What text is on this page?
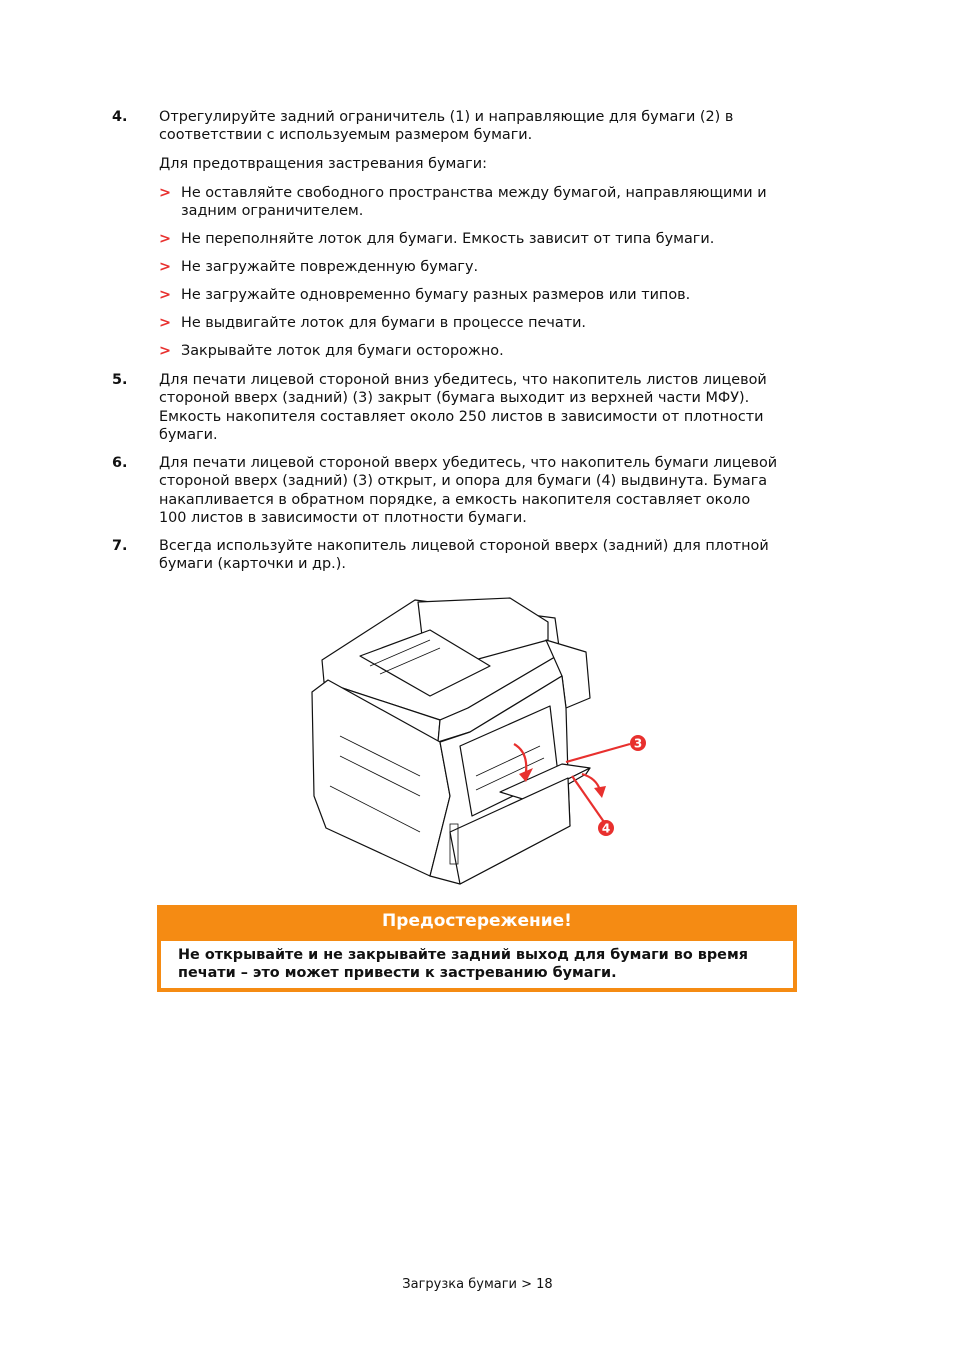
4. Отрегулируйте задний ограничитель (1) и направляющие для бумаги (2) в
соответствии с используемым размером бумаги.
Для предотвращения застревания бумаги:
> Не оставляйте свободного пространства между бумагой, направляющими и
задним ограничителем.
> Не переполняйте лоток для бумаги. Емкость зависит от типа бумаги.
> Не загружайте поврежденную бумагу.
> Не загружайте одновременно бумагу разных размеров или типов.
> Не выдвигайте лоток для бумаги в процессе печати.
> Закрывайте лоток для бумаги осторожно.
5. Для печати лицевой стороной вниз убедитесь, что накопитель листов лицевой
стороной вверх (задний) (3) закрыт (бумага выходит из верхней части МФУ).
Емкость накопителя составляет около 250 листов в зависимости от плотности
бумаги.
6. Для печати лицевой стороной вверх убедитесь, что накопитель бумаги лицевой
стороной вверх (задний) (3) открыт, и опора для бумаги (4) выдвинута. Бумага
накапливается в обратном порядке, а емкость накопителя составляет около
100 листов в зависимости от плотности бумаги.
7. Всегда используйте накопитель лицевой стороной вверх (задний) для плотной
бумаги (карточки и др.).
3
4
Предостережение!
Не открывайте и не закрывайте задний выход для бумаги во время
печати – это может привести к застреванию бумаги.
Загрузка бумаги > 18
